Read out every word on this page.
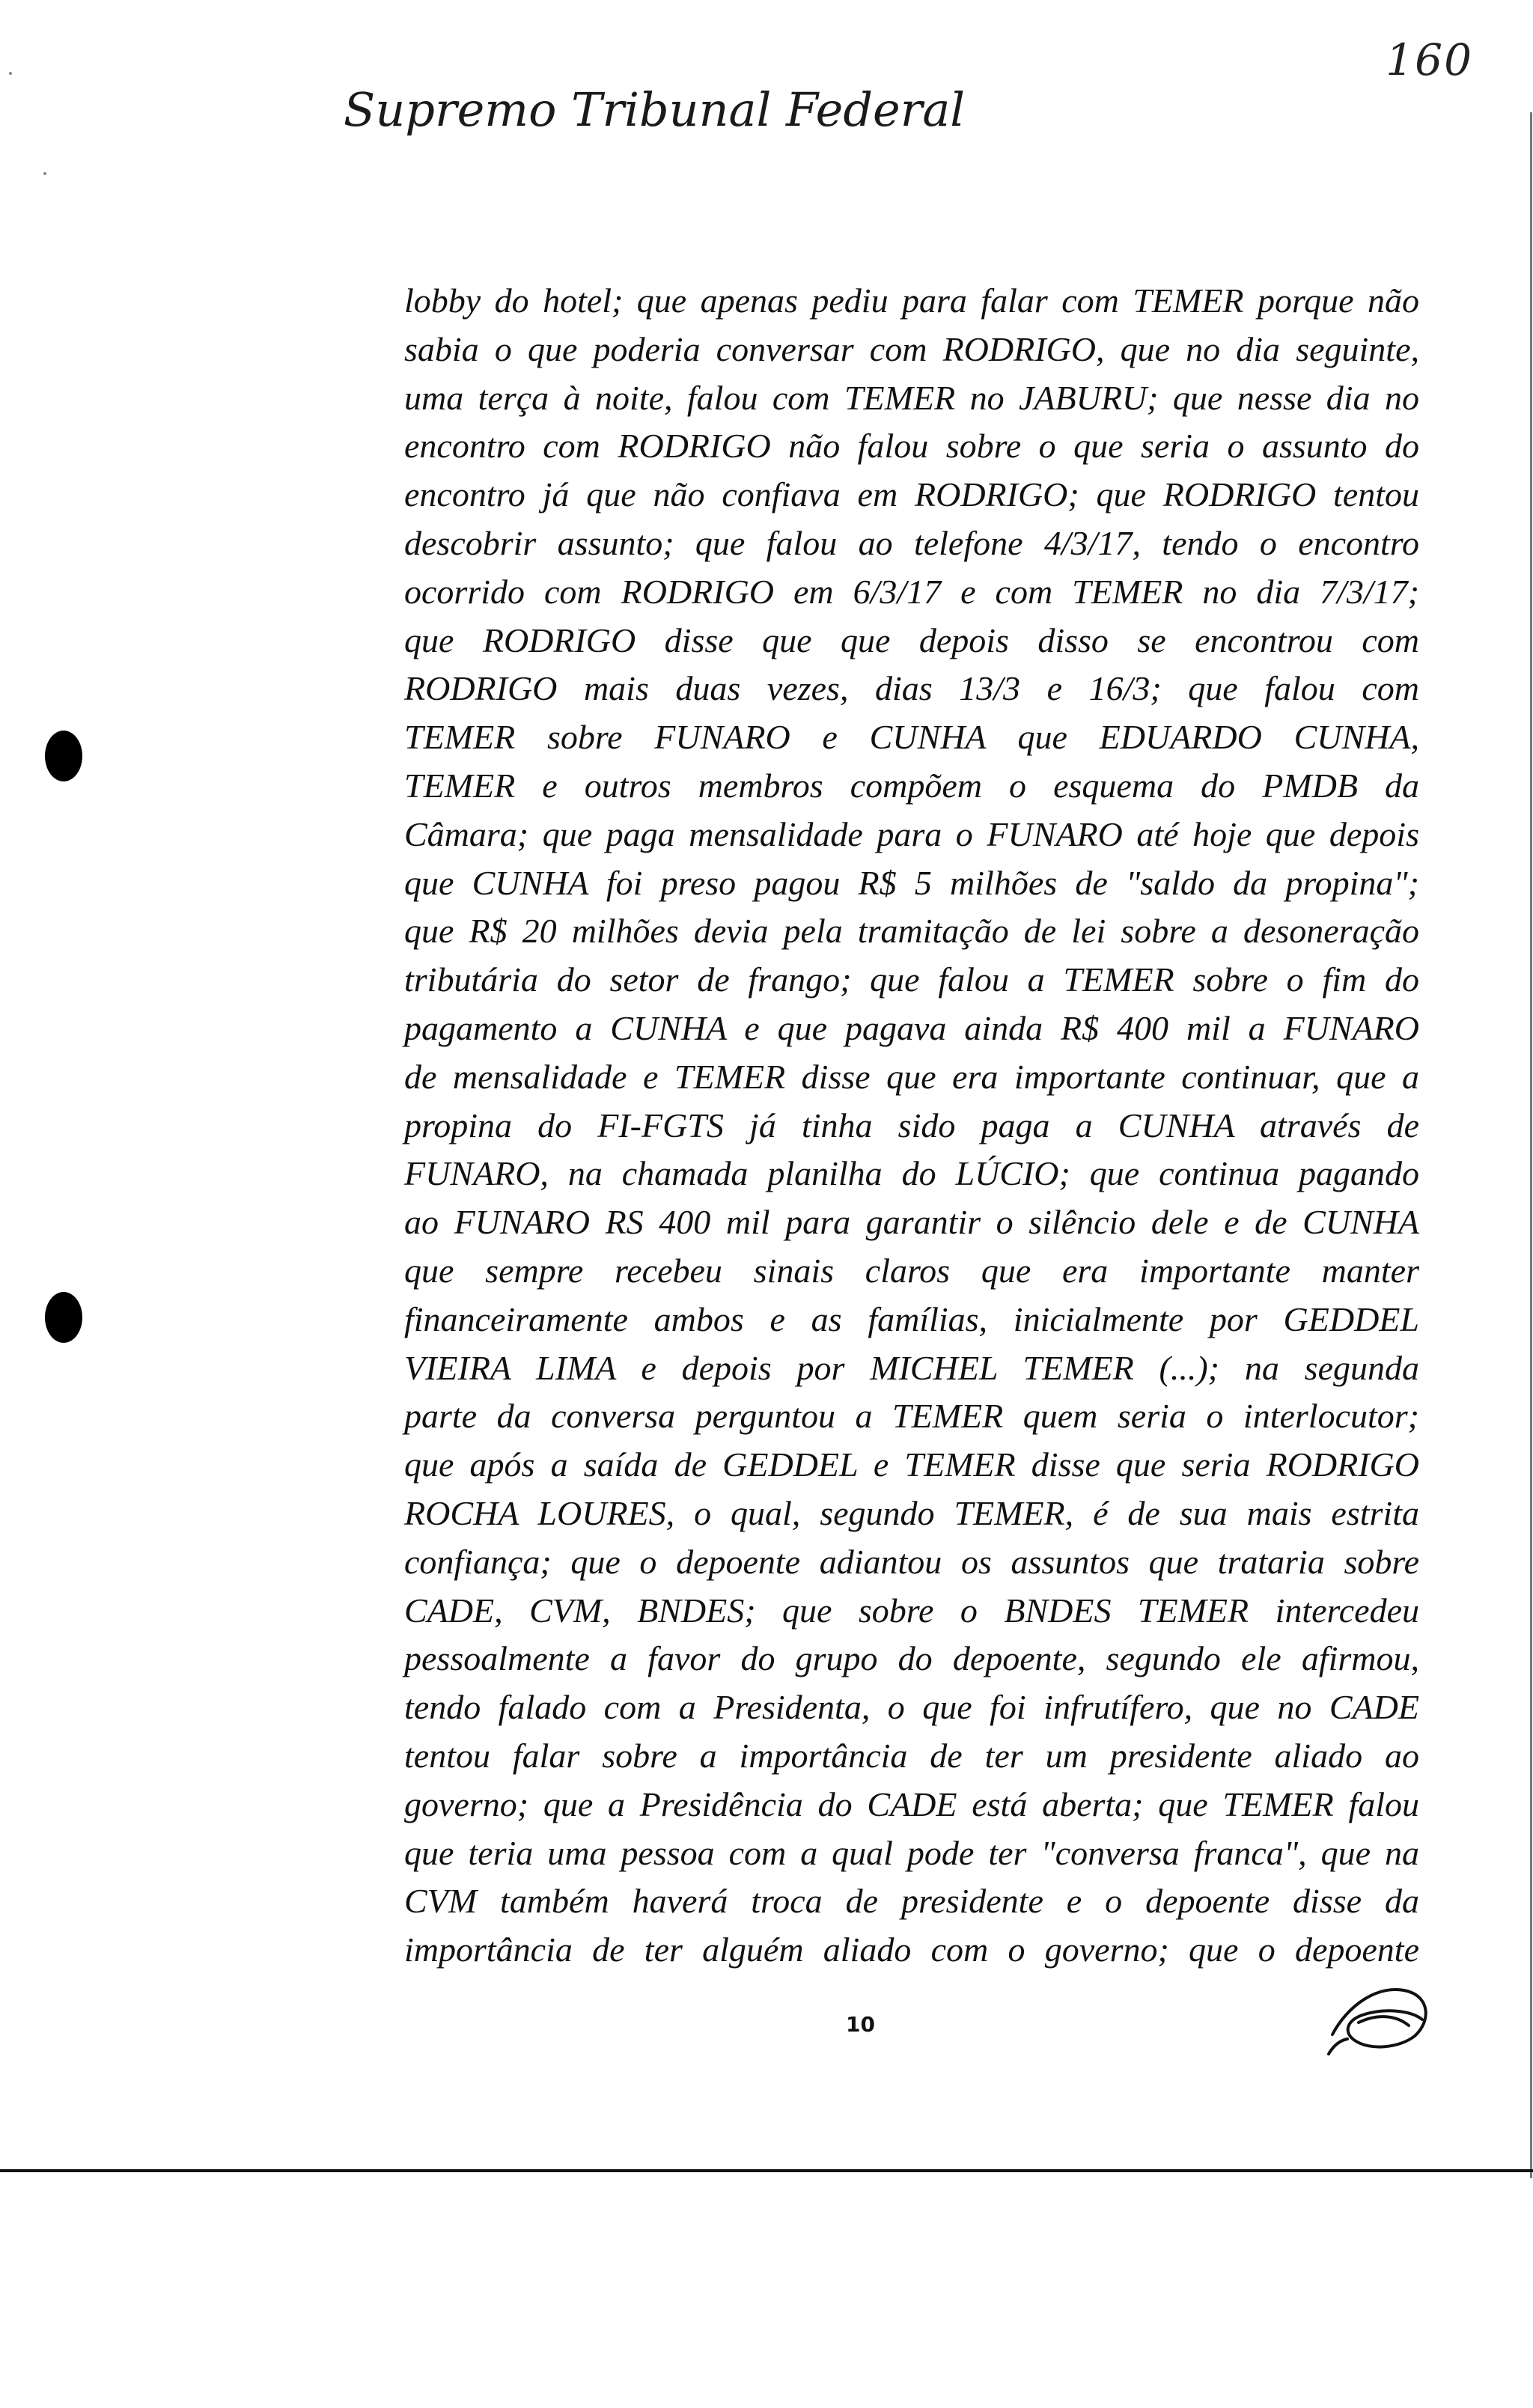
160
Supremo Tribunal Federal
lobby do hotel; que apenas pediu para falar com TEMER porque não
sabia o que poderia conversar com RODRIGO, que no dia seguinte,
uma terça à noite, falou com TEMER no JABURU; que nesse dia no
encontro com RODRIGO não falou sobre o que seria o assunto do
encontro já que não confiava em RODRIGO; que RODRIGO tentou
descobrir assunto; que falou ao telefone 4/3/17, tendo o encontro
ocorrido com RODRIGO em 6/3/17 e com TEMER no dia 7/3/17;
que RODRIGO disse que que depois disso se encontrou com
RODRIGO mais duas vezes, dias 13/3 e 16/3; que falou com
TEMER sobre FUNARO e CUNHA que EDUARDO CUNHA,
TEMER e outros membros compõem o esquema do PMDB da
Câmara; que paga mensalidade para o FUNARO até hoje que depois
que CUNHA foi preso pagou R$ 5 milhões de "saldo da propina";
que R$ 20 milhões devia pela tramitação de lei sobre a desoneração
tributária do setor de frango; que falou a TEMER sobre o fim do
pagamento a CUNHA e que pagava ainda R$ 400 mil a FUNARO
de mensalidade e TEMER disse que era importante continuar, que a
propina do FI-FGTS já tinha sido paga a CUNHA através de
FUNARO, na chamada planilha do LÚCIO; que continua pagando
ao FUNARO RS 400 mil para garantir o silêncio dele e de CUNHA
que sempre recebeu sinais claros que era importante manter
financeiramente ambos e as famílias, inicialmente por GEDDEL
VIEIRA LIMA e depois por MICHEL TEMER (...); na segunda
parte da conversa perguntou a TEMER quem seria o interlocutor;
que após a saída de GEDDEL e TEMER disse que seria RODRIGO
ROCHA LOURES, o qual, segundo TEMER, é de sua mais estrita
confiança; que o depoente adiantou os assuntos que trataria sobre
CADE, CVM, BNDES; que sobre o BNDES TEMER intercedeu
pessoalmente a favor do grupo do depoente, segundo ele afirmou,
tendo falado com a Presidenta, o que foi infrutífero, que no CADE
tentou falar sobre a importância de ter um presidente aliado ao
governo; que a Presidência do CADE está aberta; que TEMER falou
que teria uma pessoa com a qual pode ter "conversa franca", que na
CVM também haverá troca de presidente e o depoente disse da
importância de ter alguém aliado com o governo; que o depoente
10
